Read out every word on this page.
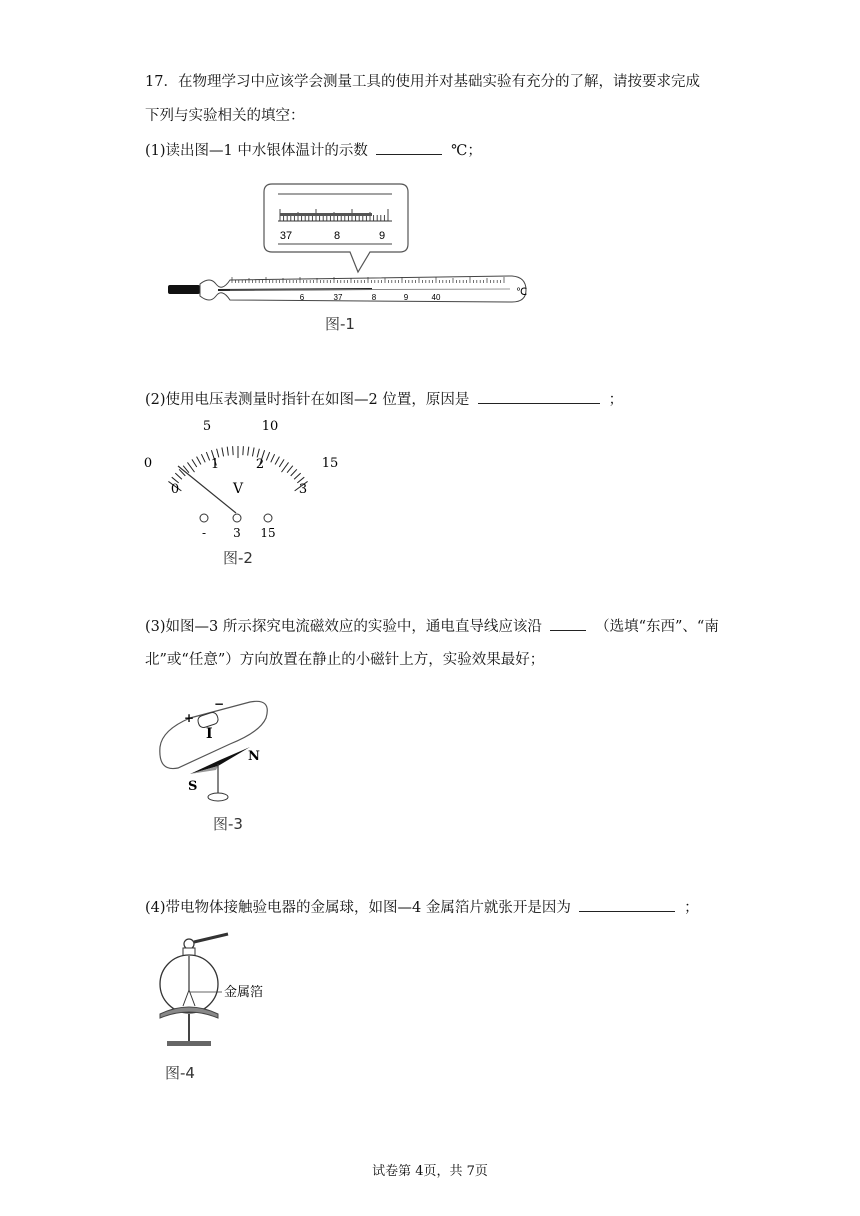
17．在物理学习中应该学会测量工具的使用并对基础实验有充分的了解，请按要求完成
下列与实验相关的填空：
(1)读出图—1 中水银体温计的示数	℃；
37	8	9
6	37	8	9	40	℃
图-1
(2)使用电压表测量时指针在如图—2 位置，原因是	；
0
5	10
15
0
1	2
3
V
- 3 15
图-2
(3)如图—3 所示探究电流磁效应的实验中，通电直导线应该沿	（选填“东西”、“南
北”或“任意”）方向放置在静止的小磁针上方，实验效果最好；
+
−
I
N
S
图-3
(4)带电物体接触验电器的金属球，如图—4 金属箔片就张开是因为	；
金属箔
图-4
试卷第 4页，共 7页
